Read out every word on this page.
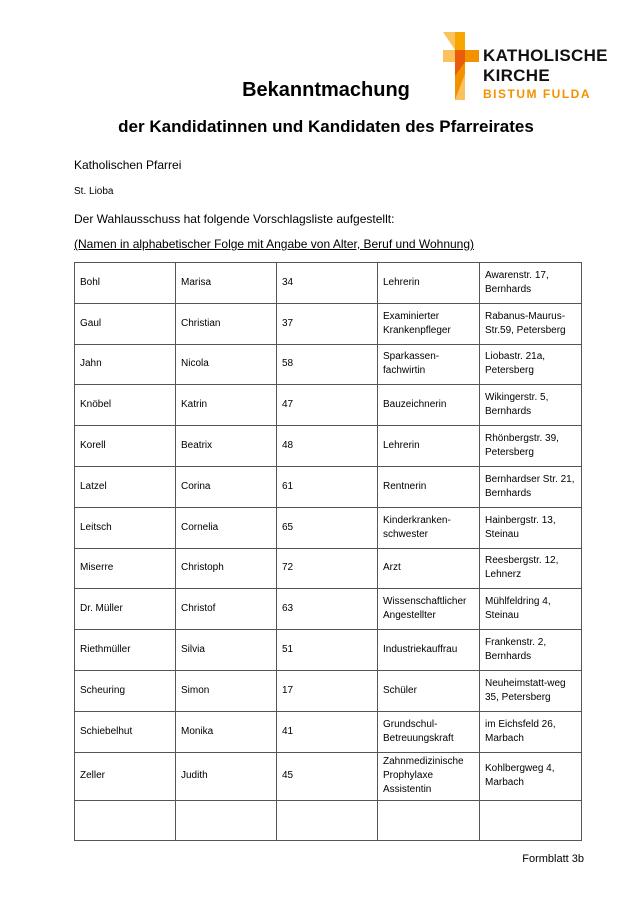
KATHOLISCHE
KIRCHE
BISTUM FULDA
Bekanntmachung
der Kandidatinnen und Kandidaten des Pfarreirates
Katholischen Pfarrei
St. Lioba
Der Wahlausschuss hat folgende Vorschlagsliste aufgestellt:
(Namen in alphabetischer Folge mit Angabe von Alter, Beruf und Wohnung)
Bohl	Marisa	34	Lehrerin	Awarenstr. 17, Bernhards
Gaul	Christian	37	Examinierter Krankenpfleger	Rabanus-Maurus-Str.59, Petersberg
Jahn	Nicola	58	Sparkassen-fachwirtin	Liobastr. 21a, Petersberg
Knöbel	Katrin	47	Bauzeichnerin	Wikingerstr. 5, Bernhards
Korell	Beatrix	48	Lehrerin	Rhönbergstr. 39, Petersberg
Latzel	Corina	61	Rentnerin	Bernhardser Str. 21, Bernhards
Leitsch	Cornelia	65	Kinderkranken-schwester	Hainbergstr. 13, Steinau
Miserre	Christoph	72	Arzt	Reesbergstr. 12, Lehnerz
Dr. Müller	Christof	63	Wissenschaftlicher Angestellter	Mühlfeldring 4, Steinau
Riethmüller	Silvia	51	Industriekauffrau	Frankenstr. 2, Bernhards
Scheuring	Simon	17	Schüler	Neuheimstatt-weg 35, Petersberg
Schiebelhut	Monika	41	Grundschul-Betreuungskraft	im Eichsfeld 26, Marbach
Zeller	Judith	45	Zahnmedizinische Prophylaxe Assistentin	Kohlbergweg 4, Marbach

Formblatt 3b
